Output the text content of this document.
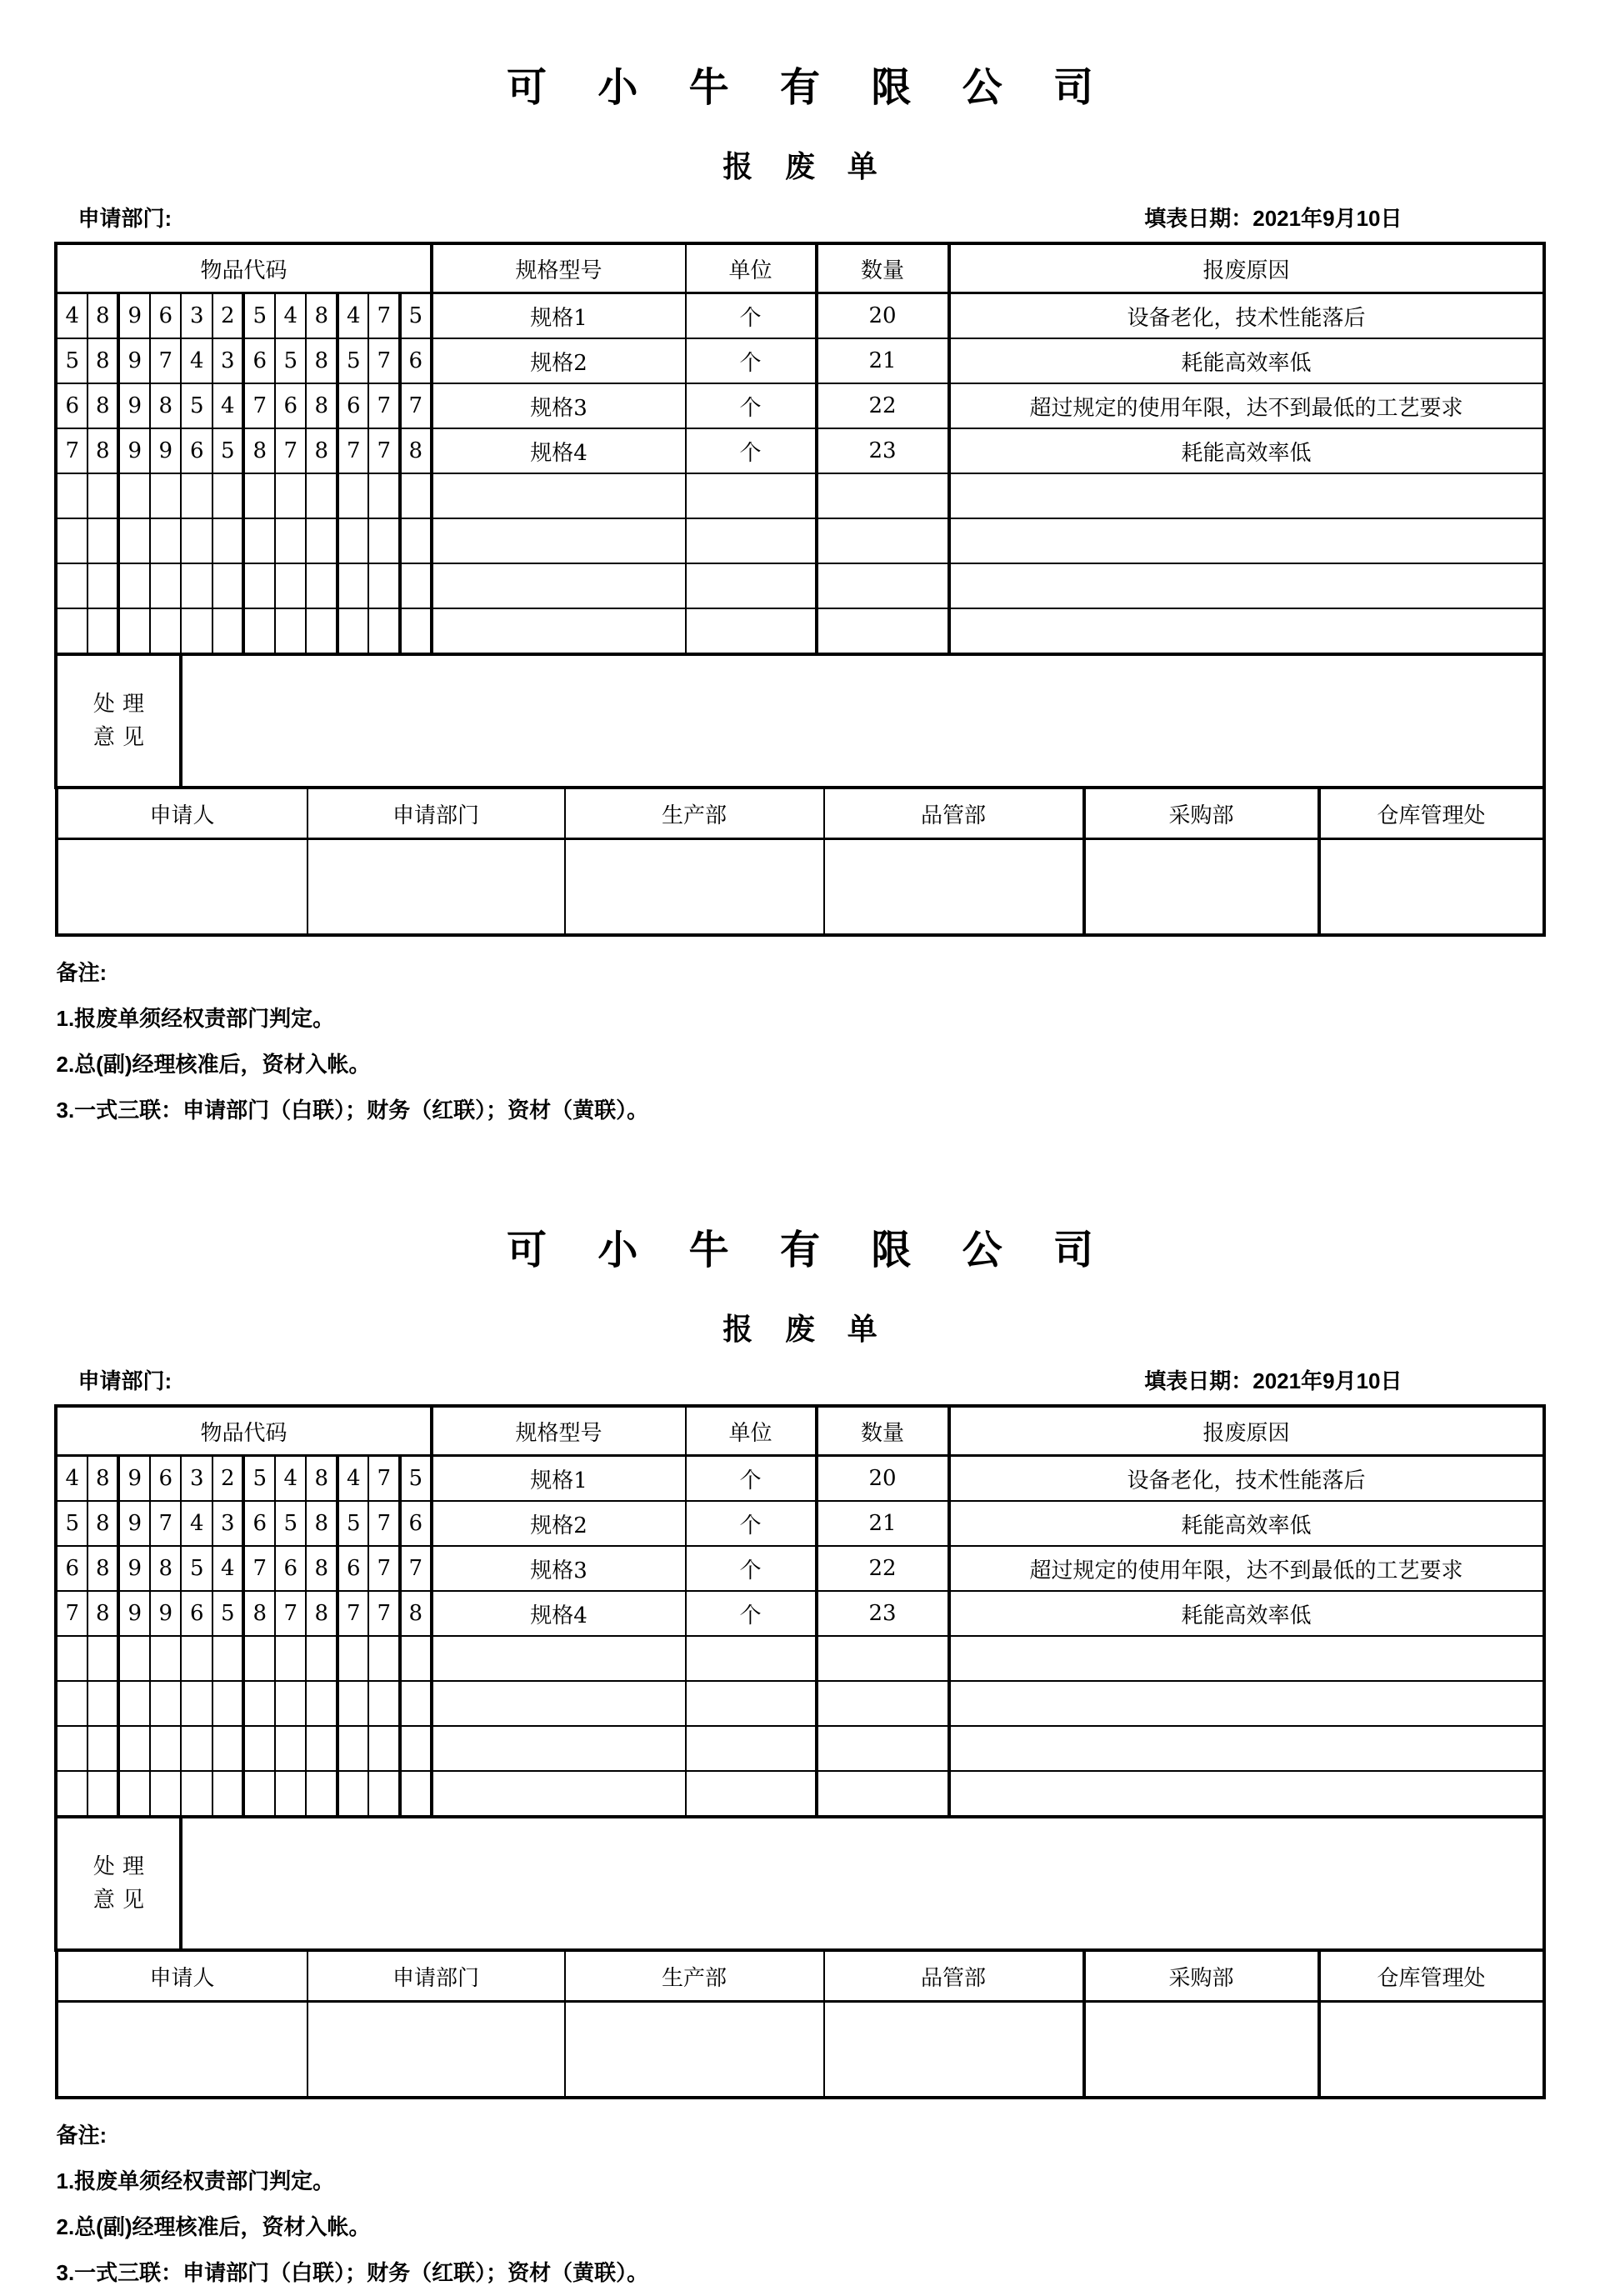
可 小 牛 有 限 公 司
报 废 单
申请部门:	填表日期：2021年9月10日
物品代码												规格型号	单位	数量	报废原因
4	8	9	6	3	2	5	4	8	4	7	5	规格1	个	20	设备老化，技术性能落后
5	8	9	7	4	3	6	5	8	5	7	6	规格2	个	21	耗能高效率低
6	8	9	8	5	4	7	6	8	6	7	7	规格3	个	22	超过规定的使用年限，达不到最低的工艺要求
7	8	9	9	6	5	8	7	8	7	7	8	规格4	个	23	耗能高效率低

处理
意见															

申请人	申请部门	生产部	品管部	采购部	仓库管理处

备注:
1.报废单须经权责部门判定。
2.总(副)经理核准后，资材入帐。
3.一式三联：申请部门（白联）；财务（红联）；资材（黄联）。
可 小 牛 有 限 公 司
报 废 单
申请部门:	填表日期：2021年9月10日
物品代码												规格型号	单位	数量	报废原因
4	8	9	6	3	2	5	4	8	4	7	5	规格1	个	20	设备老化，技术性能落后
5	8	9	7	4	3	6	5	8	5	7	6	规格2	个	21	耗能高效率低
6	8	9	8	5	4	7	6	8	6	7	7	规格3	个	22	超过规定的使用年限，达不到最低的工艺要求
7	8	9	9	6	5	8	7	8	7	7	8	规格4	个	23	耗能高效率低

处理
意见															

申请人	申请部门	生产部	品管部	采购部	仓库管理处

备注:
1.报废单须经权责部门判定。
2.总(副)经理核准后，资材入帐。
3.一式三联：申请部门（白联）；财务（红联）；资材（黄联）。
